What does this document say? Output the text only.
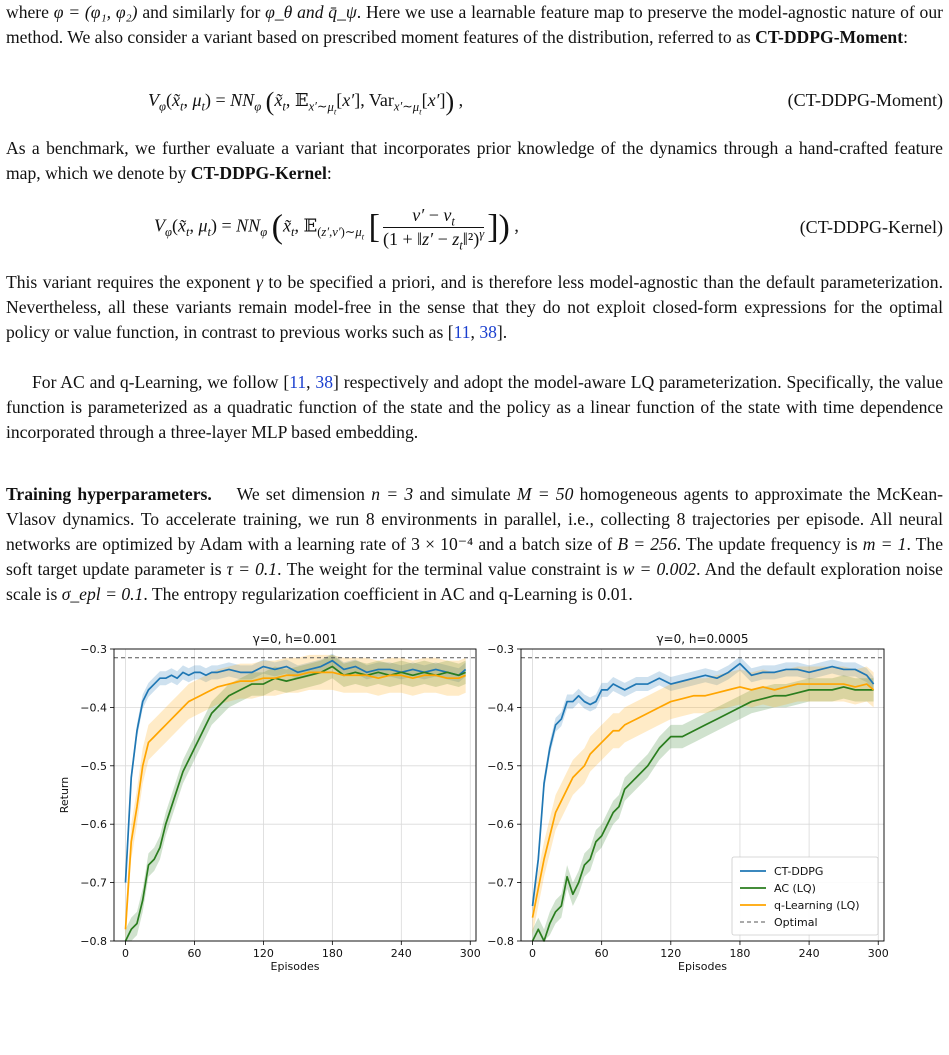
where φ = (φ₁, φ₂) and similarly for φ_θ and q̄_ψ. Here we use a learnable feature map to preserve the model-agnostic nature of our method. We also consider a variant based on prescribed moment features of the distribution, referred to as CT-DDPG-Moment:

$V_\varphi(x̃_t$, $\mu_t) = NN_\varphi$ ($x̃_t$, 𝔼$_{x'\sim\mu_t}$[x′], Var$_{x'\sim\mu_t}$[x′]) ,	(CT-DDPG-Moment)

As a benchmark, we further evaluate a variant that incorporates prior knowledge of the dynamics through a hand-crafted feature map, which we denote by CT-DDPG-Kernel:

$V_\varphi(x̃_t$, $\mu_t) = NN_\varphi$ ($x̃_t$, 𝔼$_{(z',v')\sim\mu_t}$ [ $\frac{v' - v_t}{(1 + ‖z' - z_t‖^2)^\gamma}$ ]) ,	(CT-DDPG-Kernel)

This variant requires the exponent γ to be specified a priori, and is therefore less model-agnostic than the default parameterization. Nevertheless, all these variants remain model-free in the sense that they do not exploit closed-form expressions for the optimal policy or value function, in contrast to previous works such as [11, 38].

For AC and q-Learning, we follow [11, 38] respectively and adopt the model-aware LQ parameterization. Specifically, the value function is parameterized as a quadratic function of the state and the policy as a linear function of the state with time dependence incorporated through a three-layer MLP based embedding.

Training hyperparameters. We set dimension n = 3 and simulate M = 50 homogeneous agents to approximate the McKean-Vlasov dynamics. To accelerate training, we run 8 environments in parallel, i.e., collecting 8 trajectories per episode. All neural networks are optimized by Adam with a learning rate of 3 × 10⁻⁴ and a batch size of B = 256. The update frequency is m = 1. The soft target update parameter is τ = 0.1. The weight for the terminal value constraint is w = 0.002. And the default exploration noise scale is σ_epl = 0.1. The entropy regularization coefficient in AC and q-Learning is 0.01.

0	60	120	180	240	300
−0.8
−0.7
−0.6
−0.5
−0.4
−0.3
γ=0, h=0.001
Episodes
Return
0	60	120	180	240	300
−0.8
−0.7
−0.6
−0.5
−0.4
−0.3
γ=0, h=0.0005
Episodes
CT-DDPG
AC (LQ)
q-Learning (LQ)
Optimal
